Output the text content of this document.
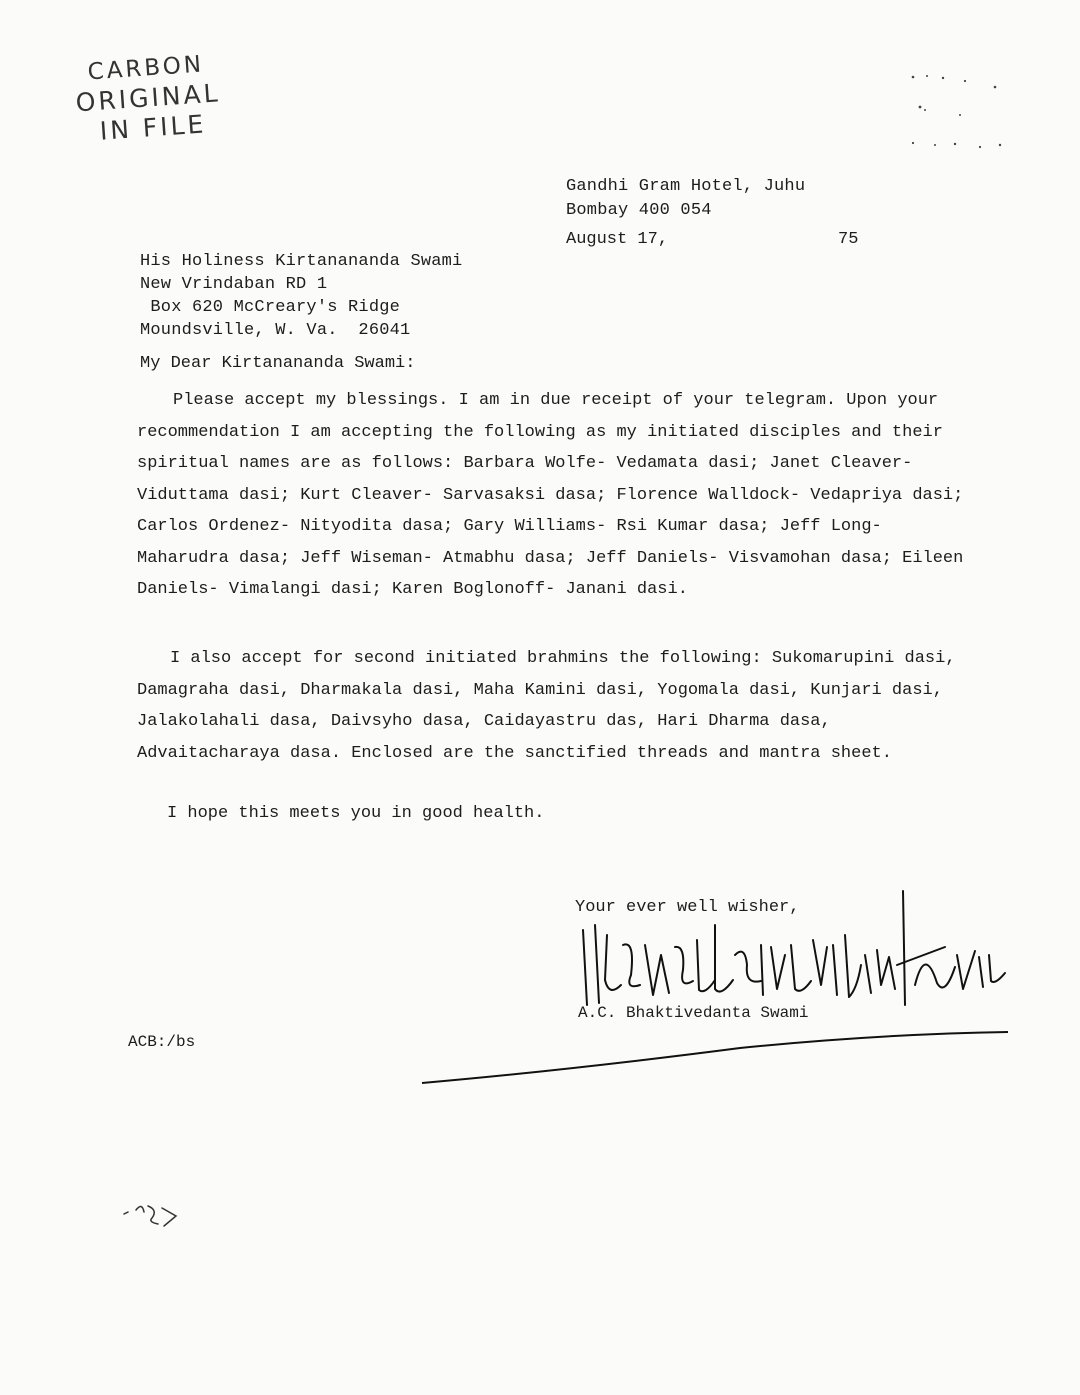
CARBON
ORIGINAL
IN FILE
Gandhi Gram Hotel, Juhu
Bombay 400 054
August 17,	75
His Holiness Kirtanananda Swami
New Vrindaban RD 1
Box 620 McCreary's Ridge
Moundsville, W. Va.  26041
My Dear Kirtanananda Swami:
Please accept my blessings. I am in due receipt of your telegram. Upon your recommendation I am accepting the following as my initiated disciples and their spiritual names are as follows: Barbara Wolfe- Vedamata dasi; Janet Cleaver- Viduttama dasi; Kurt Cleaver- Sarvasaksi dasa; Florence Walldock- Vedapriya dasi; Carlos Ordenez- Nityodita dasa; Gary Williams- Rsi Kumar dasa; Jeff Long- Maharudra dasa; Jeff Wiseman- Atmabhu dasa; Jeff Daniels- Visvamohan dasa; Eileen Daniels- Vimalangi dasi; Karen Boglonoff- Janani dasi.
I also accept for second initiated brahmins the following: Sukomarupini dasi, Damagraha dasi, Dharmakala dasi, Maha Kamini dasi, Yogomala dasi, Kunjari dasi, Jalakolahali dasa, Daivsyho dasa, Caidayastru das, Hari Dharma dasa, Advaitacharaya dasa. Enclosed are the sanctified threads and mantra sheet.
I hope this meets you in good health.
Your ever well wisher,
A.C. Bhaktivedanta Swami
ACB:/bs
